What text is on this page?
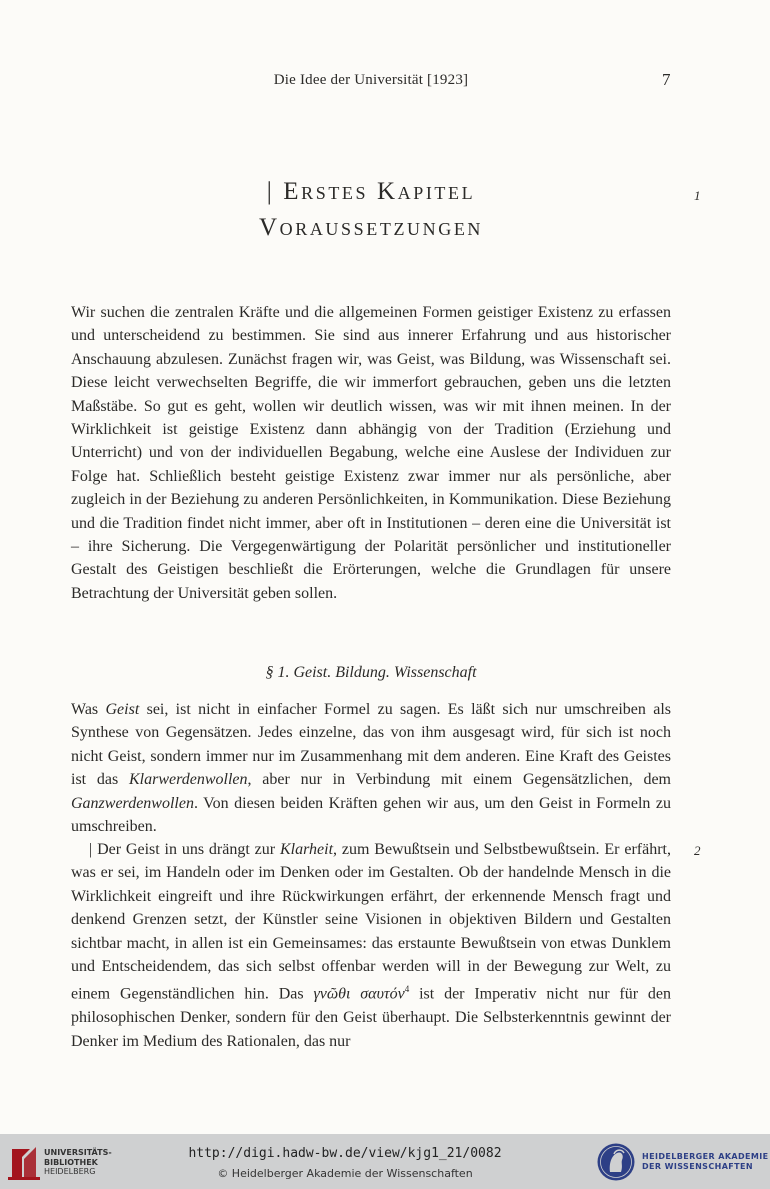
Die Idee der Universität [1923]	7
| Erstes Kapitel
Voraussetzungen
1

Wir suchen die zentralen Kräfte und die allgemeinen Formen geistiger Existenz zu erfassen und unterscheidend zu bestimmen. Sie sind aus innerer Erfahrung und aus historischer Anschauung abzulesen. Zunächst fragen wir, was Geist, was Bildung, was Wissenschaft sei. Diese leicht verwechselten Begriffe, die wir immerfort gebrauchen, geben uns die letzten Maßstäbe. So gut es geht, wollen wir deutlich wissen, was wir mit ihnen meinen. In der Wirklichkeit ist geistige Existenz dann abhängig von der Tradition (Erziehung und Unterricht) und von der individuellen Begabung, welche eine Auslese der Individuen zur Folge hat. Schließlich besteht geistige Existenz zwar immer nur als persönliche, aber zugleich in der Beziehung zu anderen Persönlichkeiten, in Kommunikation. Diese Beziehung und die Tradition findet nicht immer, aber oft in Institutionen – deren eine die Universität ist – ihre Sicherung. Die Vergegenwärtigung der Polarität persönlicher und institutioneller Gestalt des Geistigen beschließt die Erörterungen, welche die Grundlagen für unsere Betrachtung der Universität geben sollen.

§ 1. Geist. Bildung. Wissenschaft

Was Geist sei, ist nicht in einfacher Formel zu sagen. Es läßt sich nur umschreiben als Synthese von Gegensätzen. Jedes einzelne, das von ihm ausgesagt wird, für sich ist noch nicht Geist, sondern immer nur im Zusammenhang mit dem anderen. Eine Kraft des Geistes ist das Klarwerdenwollen, aber nur in Verbindung mit einem Gegensätzlichen, dem Ganzwerdenwollen. Von diesen beiden Kräften gehen wir aus, um den Geist in Formeln zu umschreiben.

2

| Der Geist in uns drängt zur Klarheit, zum Bewußtsein und Selbstbewußtsein. Er erfährt, was er sei, im Handeln oder im Denken oder im Gestalten. Ob der handelnde Mensch in die Wirklichkeit eingreift und ihre Rückwirkungen erfährt, der erkennende Mensch fragt und denkend Grenzen setzt, der Künstler seine Visionen in objektiven Bildern und Gestalten sichtbar macht, in allen ist ein Gemeinsames: das erstaunte Bewußtsein von etwas Dunklem und Entscheidendem, das sich selbst offenbar werden will in der Bewegung zur Welt, zu einem Gegenständlichen hin. Das γνῶθι σαυτόν$^4$ ist der Imperativ nicht nur für den philosophischen Denker, sondern für den Geist überhaupt. Die Selbsterkenntnis gewinnt der Denker im Medium des Rationalen, das nur

UNIVERSITÄTS-
BIBLIOTHEK
HEIDELBERG
http://digi.hadw-bw.de/view/kjg1_21/0082
© Heidelberger Akademie der Wissenschaften
HEIDELBERGER AKADEMIE
DER WISSENSCHAFTEN
